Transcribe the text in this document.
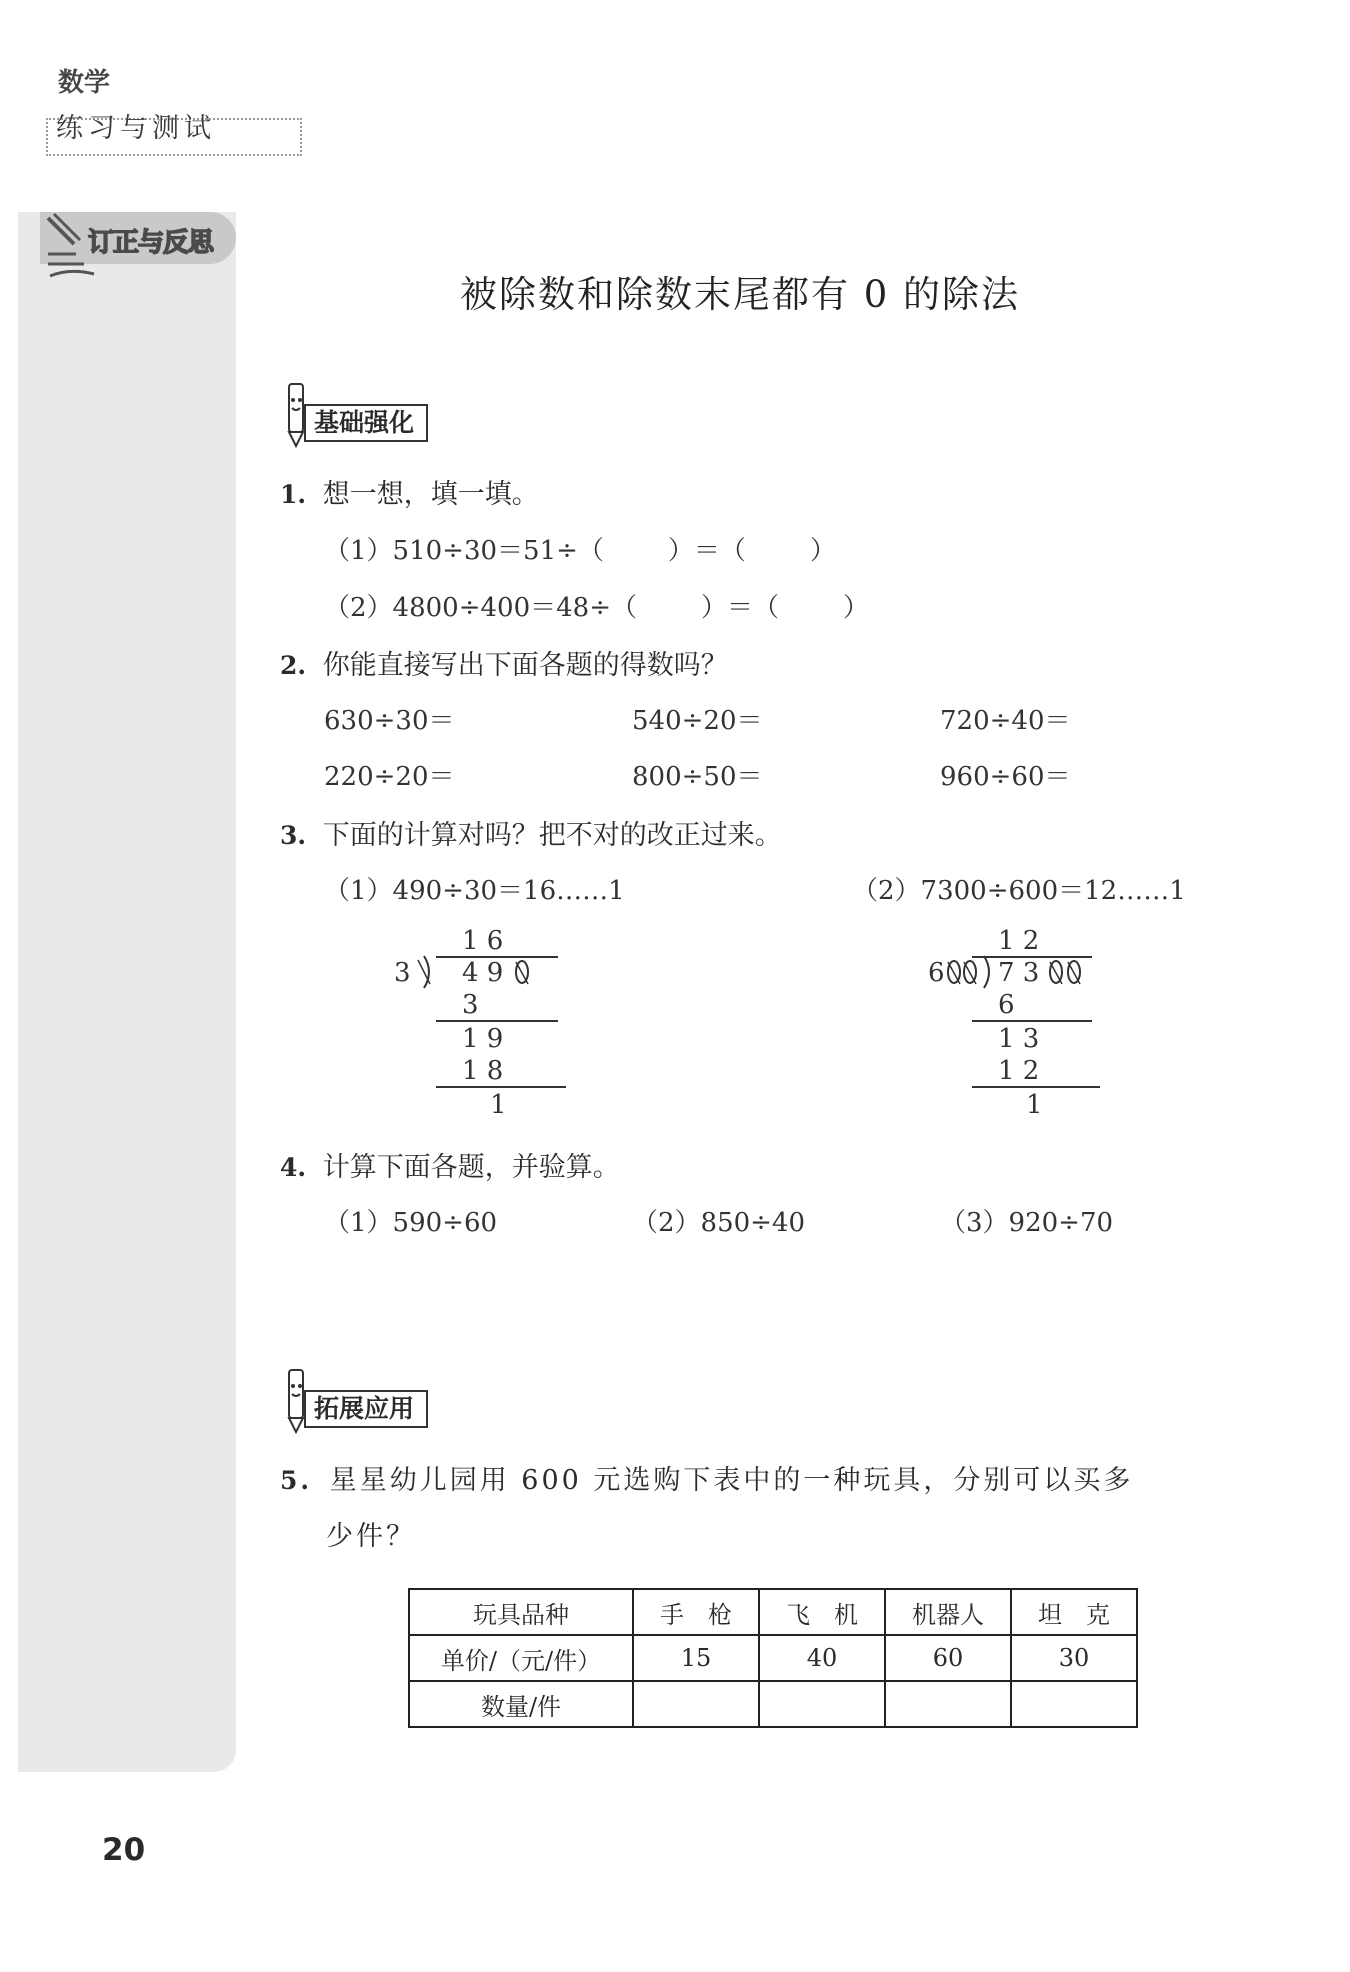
订正与反思
数学
练习与测试
被除数和除数末尾都有 0 的除法
基础强化
1. 想一想，填一填。
（1）510÷30＝51÷（ ）＝（ ）
（2）4800÷400＝48÷（ ）＝（ ）
2. 你能直接写出下面各题的得数吗？
630÷30＝	540÷20＝	720÷40＝
220÷20＝	800÷50＝	960÷60＝
3. 下面的计算对吗？把不对的改正过来。
（1）490÷30＝16……1	（2）7300÷600＝12……1
1 6
3 4 9
3
1 9
1 8
1
1 2
6 7 3
6
1 3
1 2
1
4. 计算下面各题，并验算。
（1）590÷60	（2）850÷40	（3）920÷70
拓展应用
5. 星星幼儿园用 600 元选购下表中的一种玩具，分别可以买多
少件？
玩具品种	手　枪	飞　机	机器人	坦　克
单价/（元/件）	15	40	60	30
数量/件				
20
